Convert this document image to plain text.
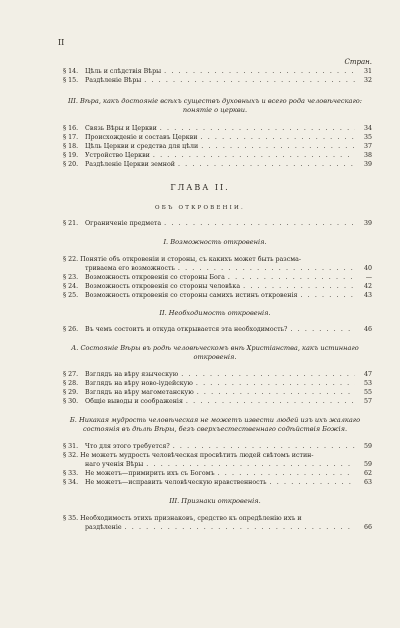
II
Стран.
§ 14.	Цѣль и слѣдствія Вѣры . . .	31
§ 15.	Раздѣленіе Вѣры . . .	32
III. Вѣра, какъ достояніе всѣхъ существъ духовныхъ и всего рода человѣческаго:
понятіе о церкви.
§ 16.	Связь Вѣры и Церкви . . .	34
§ 17.	Происхожденіе и составъ Церкви . . .	35
§ 18.	Цѣль Церкви и средства для цѣли . . .	37
§ 19.	Устройство Церкви . . .	38
§ 20.	Раздѣленіе Церкви земной . . .	39
ГЛАВА II.
ОБЪ ОТКРОВЕНІИ.
§ 21.	Ограниченіе предмета . . .	39
I. Возможность откровенія.
§ 22. Понятіе объ откровеніи и стороны, съ какихъ может быть разсма-
триваема его возможность . . .	40
§ 23.	Возможность откровенія со стороны Бога . . .	—
§ 24.	Возможность откровенія со стороны человѣка . . .	42
§ 25.	Возможность откровенія со стороны самихъ истинъ откровенія . . .	43
II. Необходимость откровенія.
§ 26.	Въ чемъ состоитъ и откуда открывается эта необходимость? . . .	46
А. Состояніе Вѣры въ родѣ человѣческомъ внѣ Христіанства, какъ истиннаго
откровенія.
§ 27.	Взглядъ на вѣру языческую . . .	47
§ 28.	Взглядъ на вѣру ново-іудейскую . . .	53
§ 29.	Взглядъ на вѣру магометанскую . . .	55
§ 30.	Общіе выводы и соображенія . . .	57
Б. Никакая мудрость человѣческая не можетъ извести людей изъ ихъ жалкаго
состоянія въ дѣлѣ Вѣры, безъ сверхъестественнаго содѣйствія Божія.
§ 31.	Что для этого требуется? . . .	59
§ 32. Не можетъ мудрость человѣческая просвѣтить людей свѣтомъ истин-
наго ученія Вѣры . . .	59
§ 33.	Не можетъ—примирить ихъ съ Богомъ . . .	62
§ 34.	Не можетъ—исправить человѣческую нравственность . . .	63
III. Признаки откровенія.
§ 35. Необходимость этихъ признаковъ, средство къ опредѣленію ихъ и
раздѣленіе . . .	66
